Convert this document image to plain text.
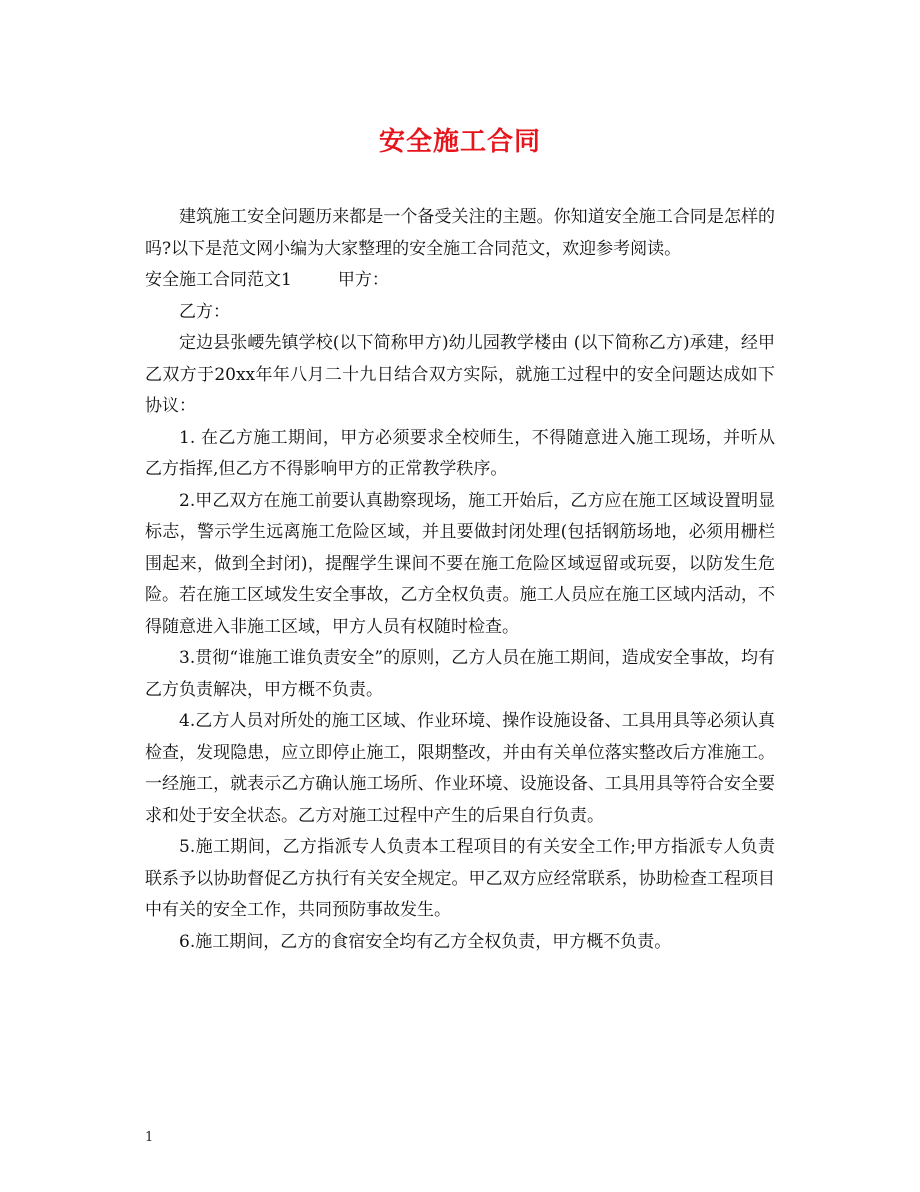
安全施工合同

建筑施工安全问题历来都是一个备受关注的主题。你知道安全施工合同是怎样的吗?以下是范文网小编为大家整理的安全施工合同范文，欢迎参考阅读。

安全施工合同范文1	甲方：

乙方：

定边县张崾先镇学校(以下简称甲方)幼儿园教学楼由 (以下简称乙方)承建，经甲乙双方于20xx年年八月二十九日结合双方实际，就施工过程中的安全问题达成如下协议：

1. 在乙方施工期间，甲方必须要求全校师生，不得随意进入施工现场，并听从乙方指挥,但乙方不得影响甲方的正常教学秩序。

2.甲乙双方在施工前要认真勘察现场，施工开始后，乙方应在施工区域设置明显标志，警示学生远离施工危险区域，并且要做封闭处理(包括钢筋场地，必须用栅栏围起来，做到全封闭)，提醒学生课间不要在施工危险区域逗留或玩耍，以防发生危险。若在施工区域发生安全事故，乙方全权负责。施工人员应在施工区域内活动，不得随意进入非施工区域，甲方人员有权随时检查。

3.贯彻“谁施工谁负责安全”的原则，乙方人员在施工期间，造成安全事故，均有乙方负责解决，甲方概不负责。

4.乙方人员对所处的施工区域、作业环境、操作设施设备、工具用具等必须认真检查，发现隐患，应立即停止施工，限期整改，并由有关单位落实整改后方准施工。一经施工，就表示乙方确认施工场所、作业环境、设施设备、工具用具等符合安全要求和处于安全状态。乙方对施工过程中产生的后果自行负责。

5.施工期间，乙方指派专人负责本工程项目的有关安全工作;甲方指派专人负责联系予以协助督促乙方执行有关安全规定。甲乙双方应经常联系，协助检查工程项目中有关的安全工作，共同预防事故发生。

6.施工期间，乙方的食宿安全均有乙方全权负责，甲方概不负责。

1
